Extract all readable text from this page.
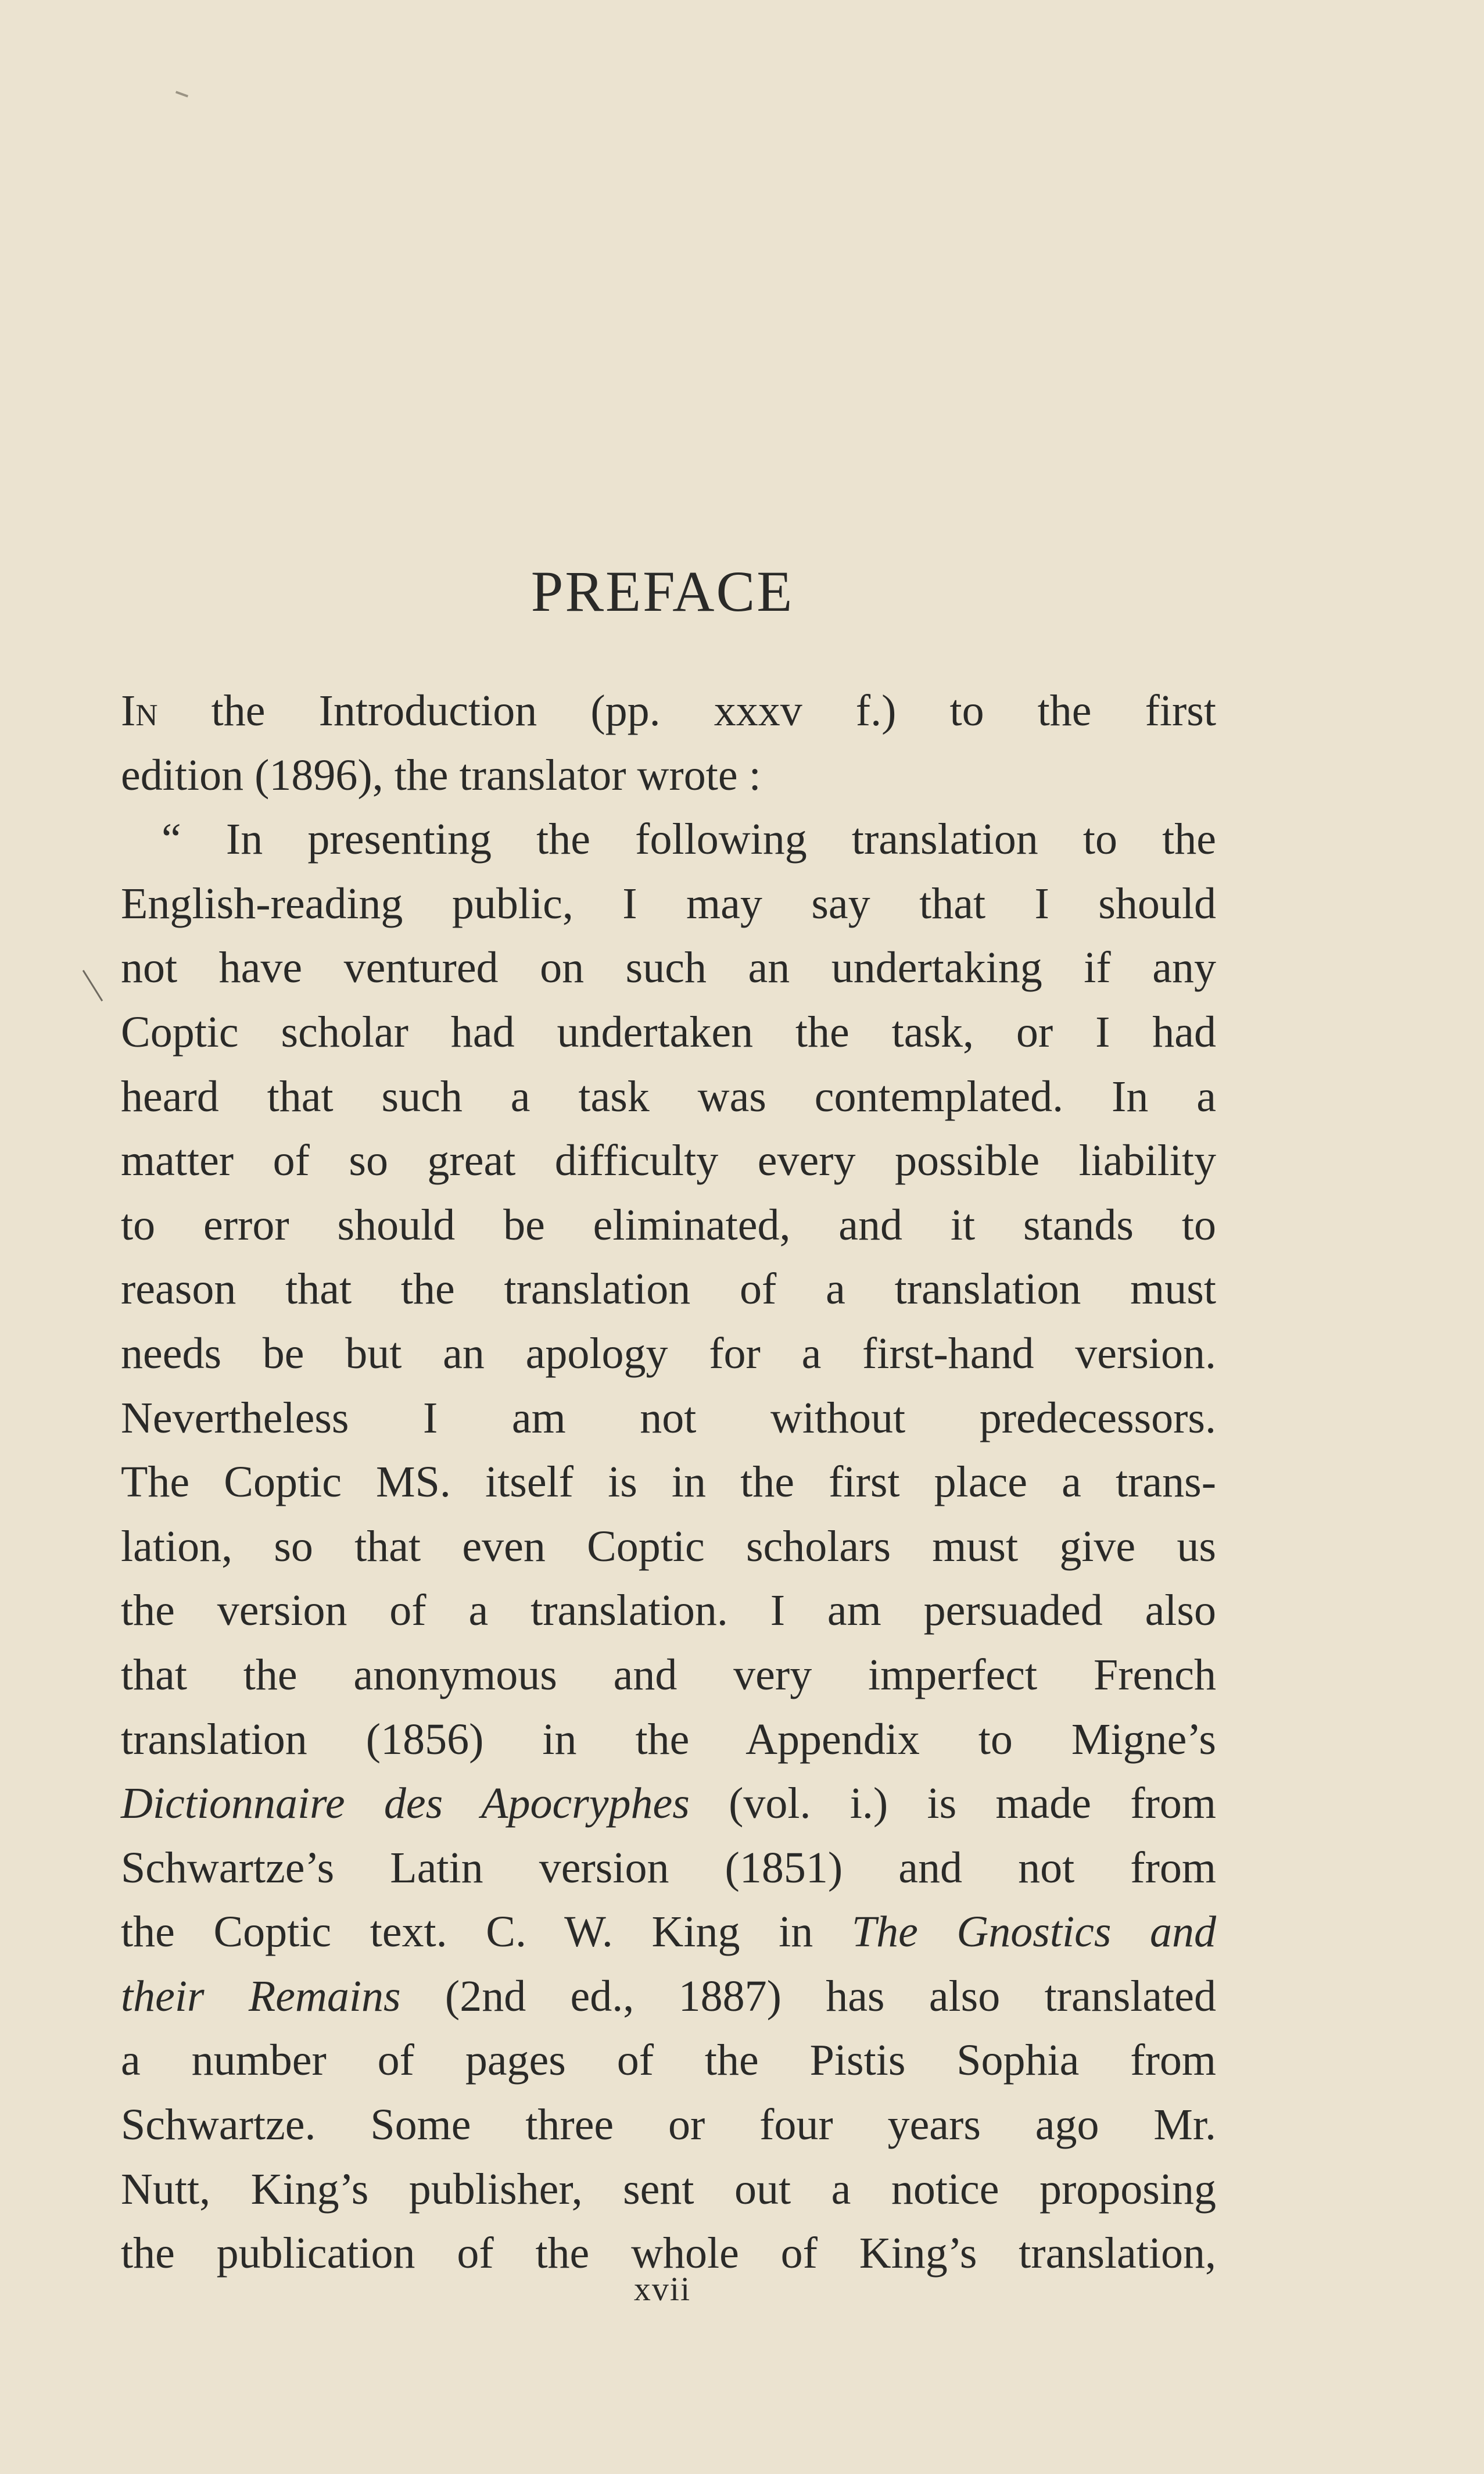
PREFACE
In the Introduction (pp. xxxv f.) to the first
edition (1896), the translator wrote :
“ In presenting the following translation to the
English-reading public, I may say that I should
not have ventured on such an undertaking if any
Coptic scholar had undertaken the task, or I had
heard that such a task was contemplated. In a
matter of so great difficulty every possible liability
to error should be eliminated, and it stands to
reason that the translation of a translation must
needs be but an apology for a first-hand version.
Nevertheless I am not without predecessors.
The Coptic MS. itself is in the first place a trans-
lation, so that even Coptic scholars must give us
the version of a translation. I am persuaded also
that the anonymous and very imperfect French
translation (1856) in the Appendix to Migne’s
Dictionnaire des Apocryphes (vol. i.) is made from
Schwartze’s Latin version (1851) and not from
the Coptic text. C. W. King in The Gnostics and
their Remains (2nd ed., 1887) has also translated
a number of pages of the Pistis Sophia from
Schwartze. Some three or four years ago Mr.
Nutt, King’s publisher, sent out a notice proposing
the publication of the whole of King’s translation,
xvii
